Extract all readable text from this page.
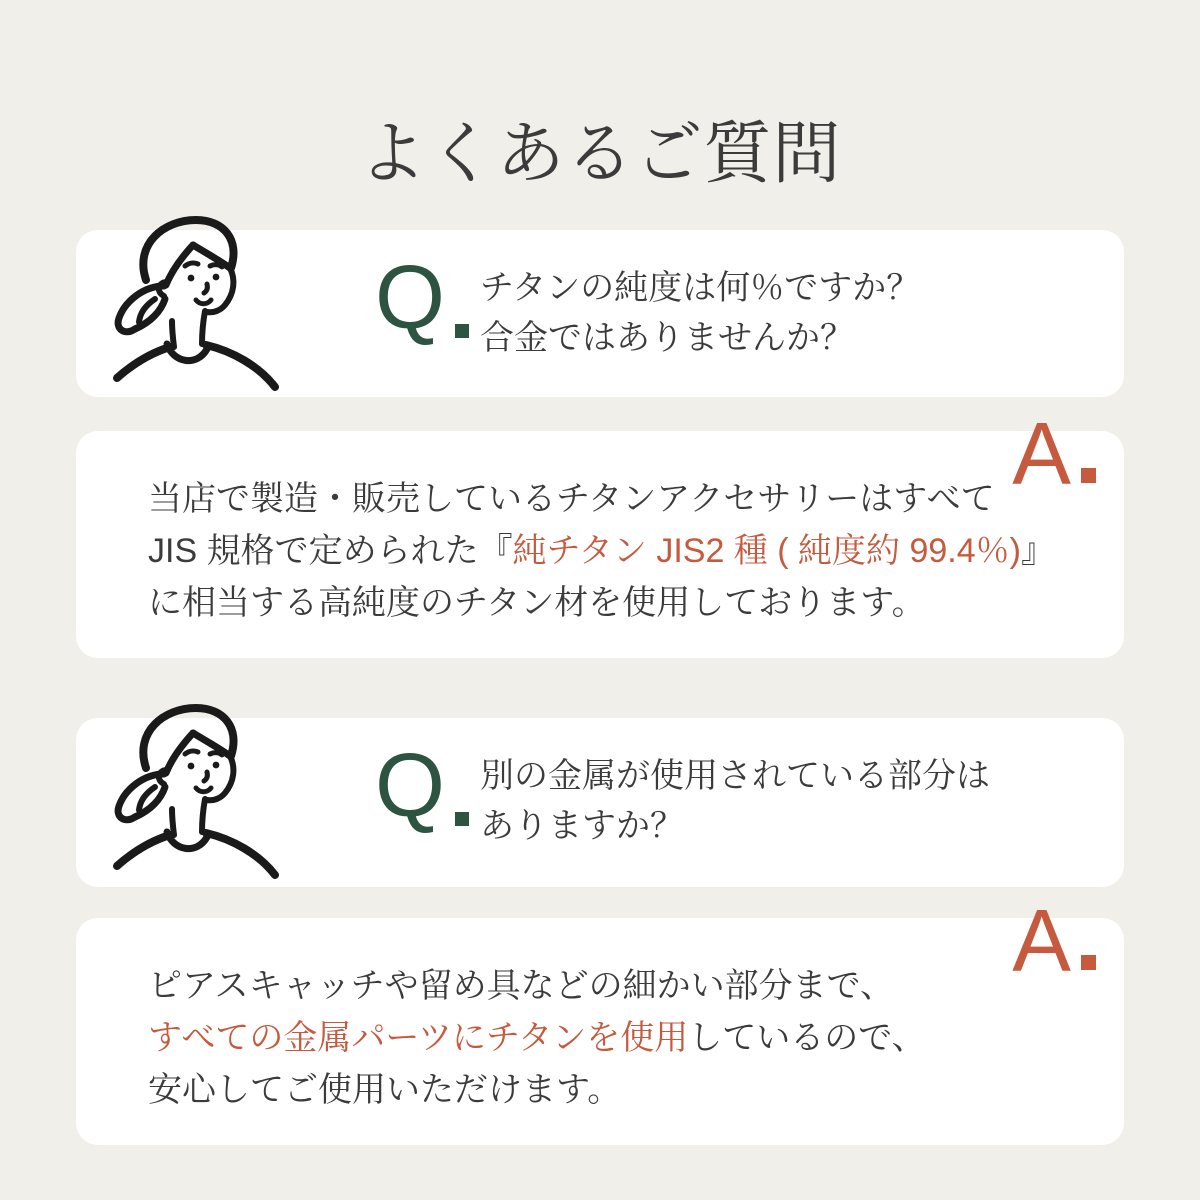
よくあるご質問
Q チタンの純度は何％ですか？
合金ではありませんか？
A
当店で製造・販売しているチタンアクセサリーはすべて
JIS 規格で定められた『純チタン JIS2 種 ( 純度約 99.4％)』
に相当する高純度のチタン材を使用しております。
Q 別の金属が使用されている部分は
ありますか？
A
ピアスキャッチや留め具などの細かい部分まで、
すべての金属パーツにチタンを使用しているので、
安心してご使用いただけます。
